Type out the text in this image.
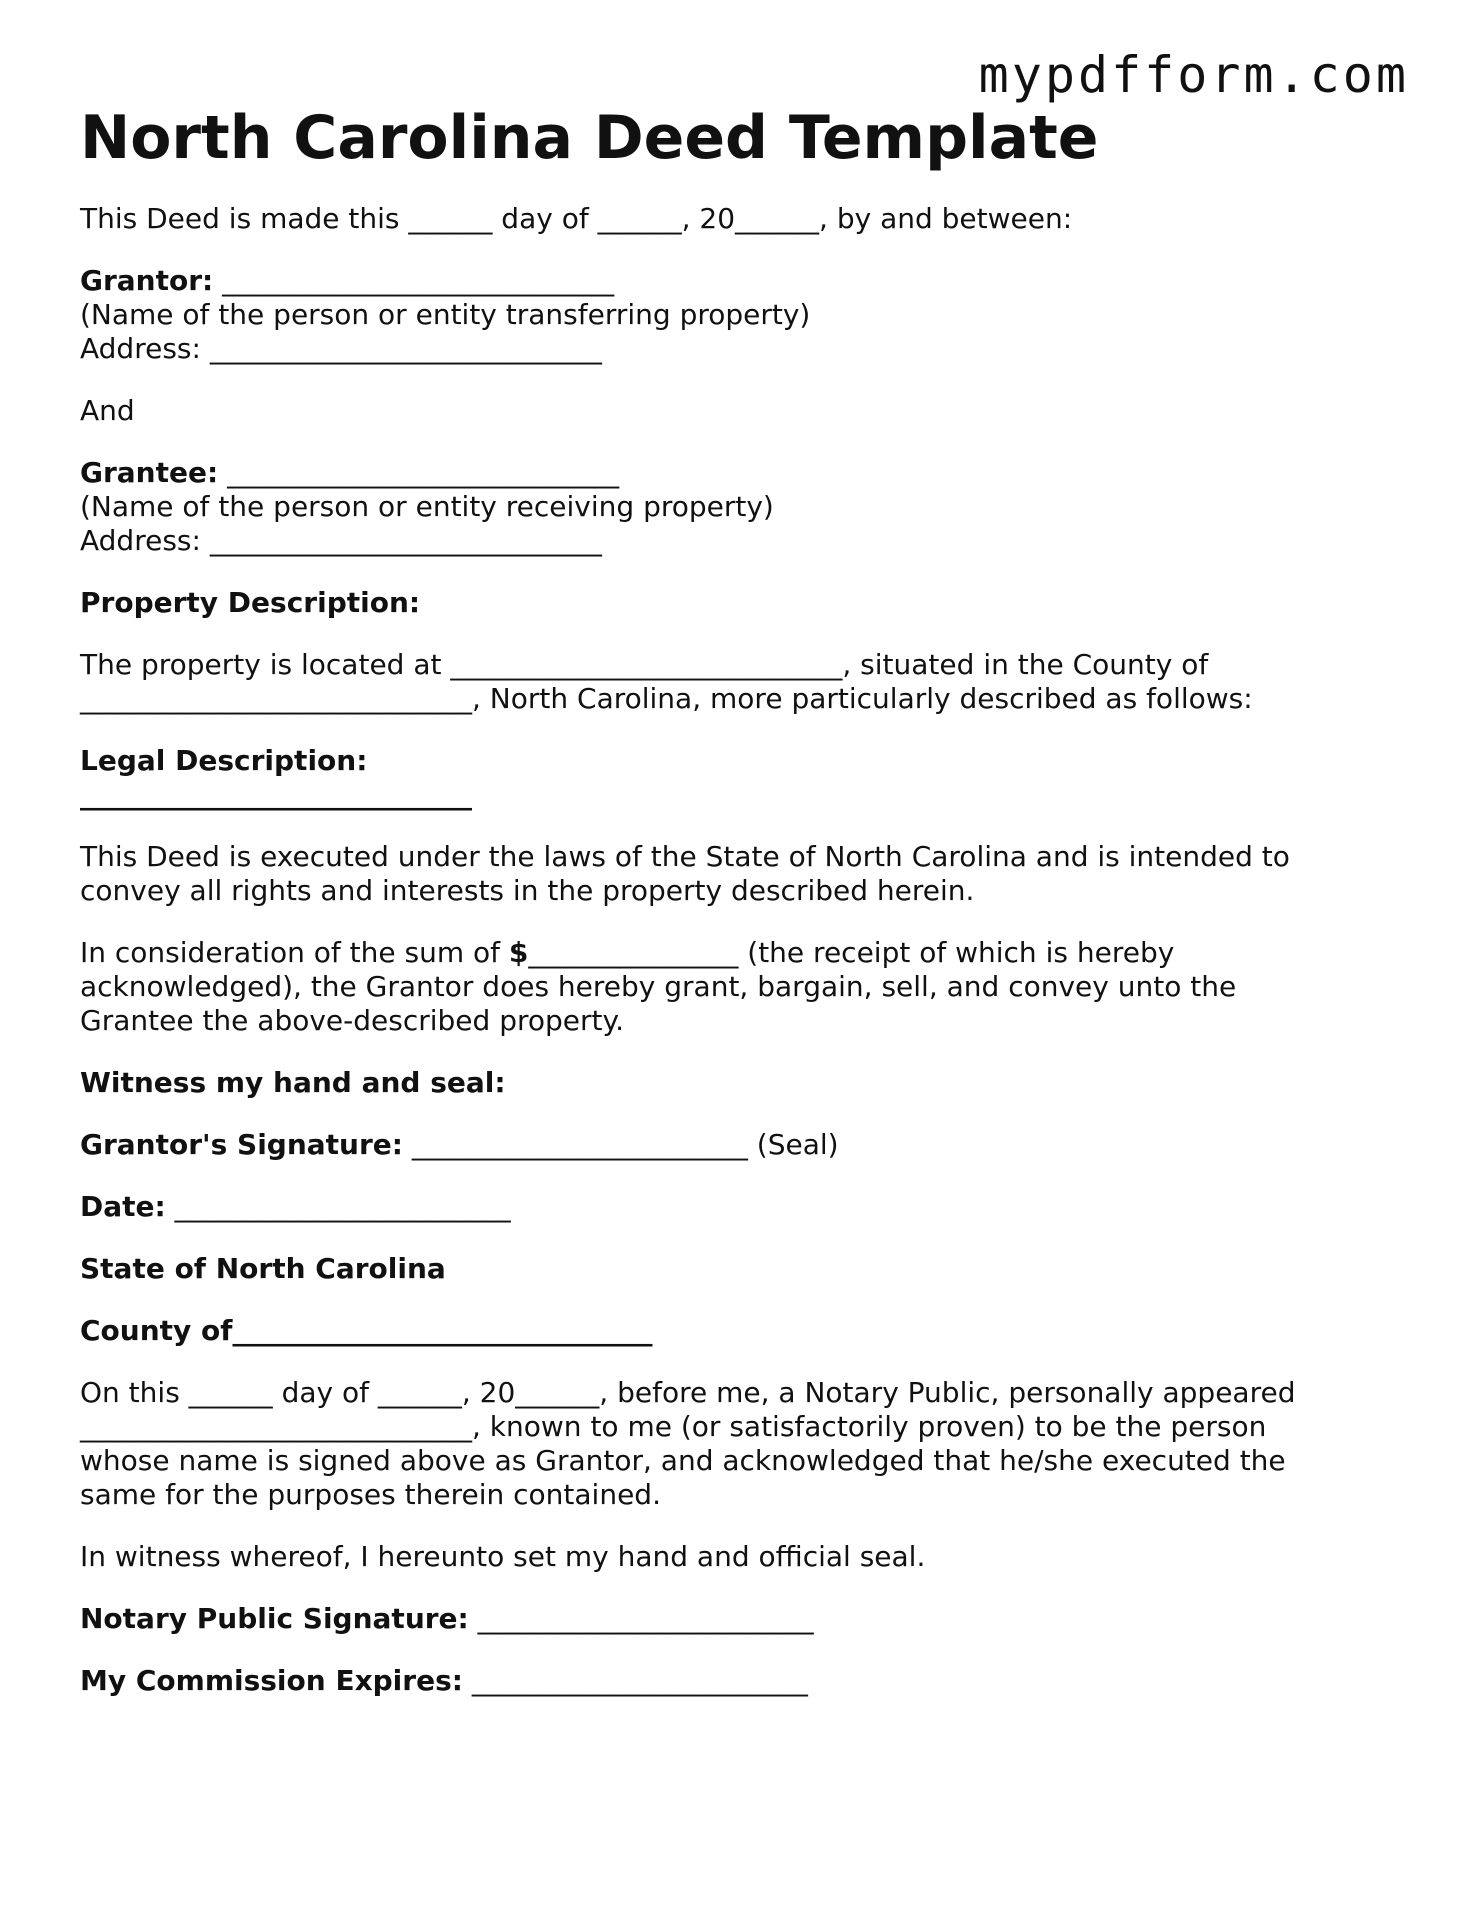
mypdfform.com
North Carolina Deed Template
This Deed is made this ______ day of ______, 20______, by and between:
Grantor: ____________________________
(Name of the person or entity transferring property)
Address: ____________________________
And
Grantee: ____________________________
(Name of the person or entity receiving property)
Address: ____________________________
Property Description:
The property is located at ____________________________, situated in the County of
____________________________, North Carolina, more particularly described as follows:
Legal Description:
____________________________
This Deed is executed under the laws of the State of North Carolina and is intended to
convey all rights and interests in the property described herein.
In consideration of the sum of $_______________ (the receipt of which is hereby
acknowledged), the Grantor does hereby grant, bargain, sell, and convey unto the
Grantee the above-described property.
Witness my hand and seal:
Grantor's Signature: ________________________ (Seal)
Date: ________________________
State of North Carolina
County of______________________________
On this ______ day of ______, 20______, before me, a Notary Public, personally appeared
____________________________, known to me (or satisfactorily proven) to be the person
whose name is signed above as Grantor, and acknowledged that he/she executed the
same for the purposes therein contained.
In witness whereof, I hereunto set my hand and official seal.
Notary Public Signature: ________________________
My Commission Expires: ________________________
